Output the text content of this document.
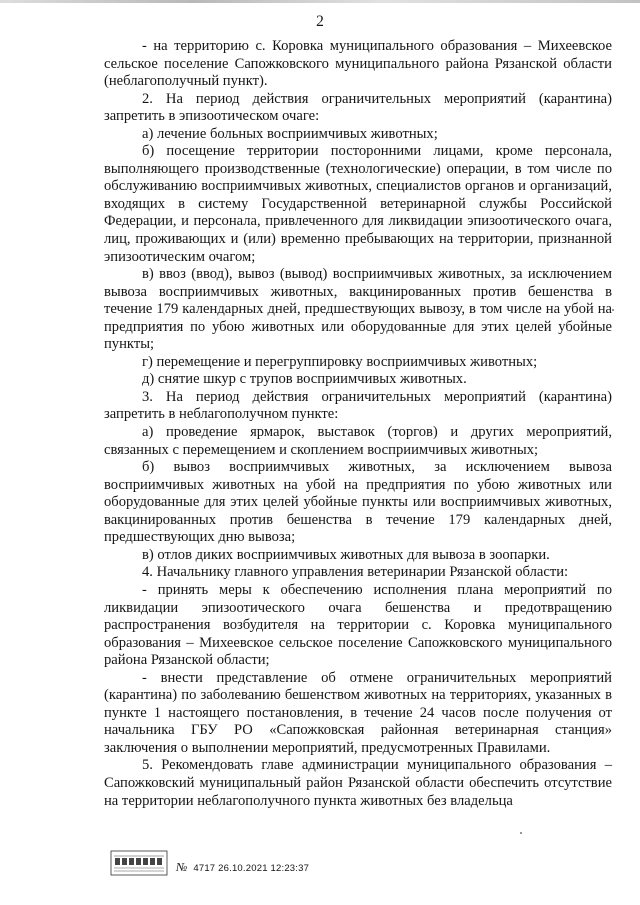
2

- на территорию с. Коровка муниципального образования – Михеевское сельское поселение Сапожковского муниципального района Рязанской области (неблагополучный пункт).

2. На период действия ограничительных мероприятий (карантина) запретить в эпизоотическом очаге:

а) лечение больных восприимчивых животных;

б) посещение территории посторонними лицами, кроме персонала, выполняющего производственные (технологические) операции, в том числе по обслуживанию восприимчивых животных, специалистов органов и организаций, входящих в систему Государственной ветеринарной службы Российской Федерации, и персонала, привлеченного для ликвидации эпизоотического очага, лиц, проживающих и (или) временно пребывающих на территории, признанной эпизоотическим очагом;

в) ввоз (ввод), вывоз (вывод) восприимчивых животных, за исключением вывоза восприимчивых животных, вакцинированных против бешенства в течение 179 календарных дней, предшествующих вывозу, в том числе на убой на предприятия по убою животных или оборудованные для этих целей убойные пункты;

г) перемещение и перегруппировку восприимчивых животных;

д) снятие шкур с трупов восприимчивых животных.

3. На период действия ограничительных мероприятий (карантина) запретить в неблагополучном пункте:

а) проведение ярмарок, выставок (торгов) и других мероприятий, связанных с перемещением и скоплением восприимчивых животных;

б) вывоз восприимчивых животных, за исключением вывоза восприимчивых животных на убой на предприятия по убою животных или оборудованные для этих целей убойные пункты или восприимчивых животных, вакцинированных против бешенства в течение 179 календарных дней, предшествующих дню вывоза;

в) отлов диких восприимчивых животных для вывоза в зоопарки.

4. Начальнику главного управления ветеринарии Рязанской области:

- принять меры к обеспечению исполнения плана мероприятий по ликвидации эпизоотического очага бешенства и предотвращению распространения возбудителя на территории с. Коровка муниципального образования – Михеевское сельское поселение Сапожковского муниципального района Рязанской области;

- внести представление об отмене ограничительных мероприятий (карантина) по заболеванию бешенством животных на территориях, указанных в пункте 1 настоящего постановления, в течение 24 часов после получения от начальника ГБУ РО «Сапожковская районная ветеринарная станция» заключения о выполнении мероприятий, предусмотренных Правилами.

5. Рекомендовать главе администрации муниципального образования – Сапожковский муниципальный район Рязанской области обеспечить отсутствие на территории неблагополучного пункта животных без владельца

№ 4717 26.10.2021 12:23:37
